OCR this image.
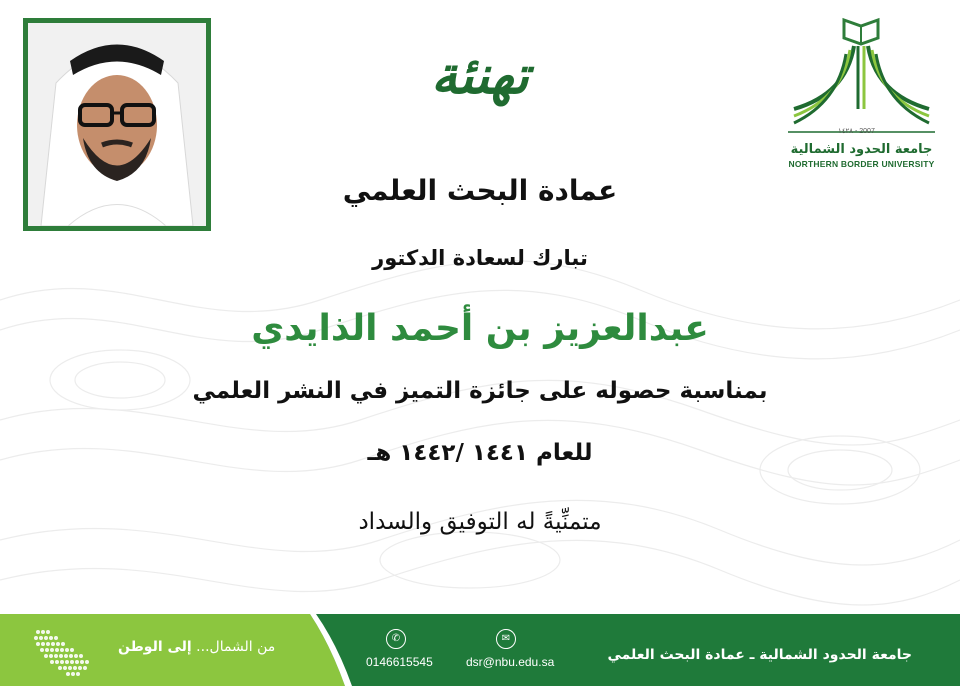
تهنئة
١٤٢٨ - 2007
جامعة الحدود الشمالية
NORTHERN BORDER UNIVERSITY
عمادة البحث العلمي
تبارك لسعادة الدكتور
عبدالعزيز بن أحمد الذايدي
بمناسبة حصوله على جائزة التميز في النشر العلمي
للعام ١٤٤١ /١٤٤٢ هـ
متمنِّيةً له التوفيق والسداد
من الشمال... إلى الوطن
✆
0146615545
✉
dsr@nbu.edu.sa	جامعة الحدود الشمالية ـ عمادة البحث العلمي
